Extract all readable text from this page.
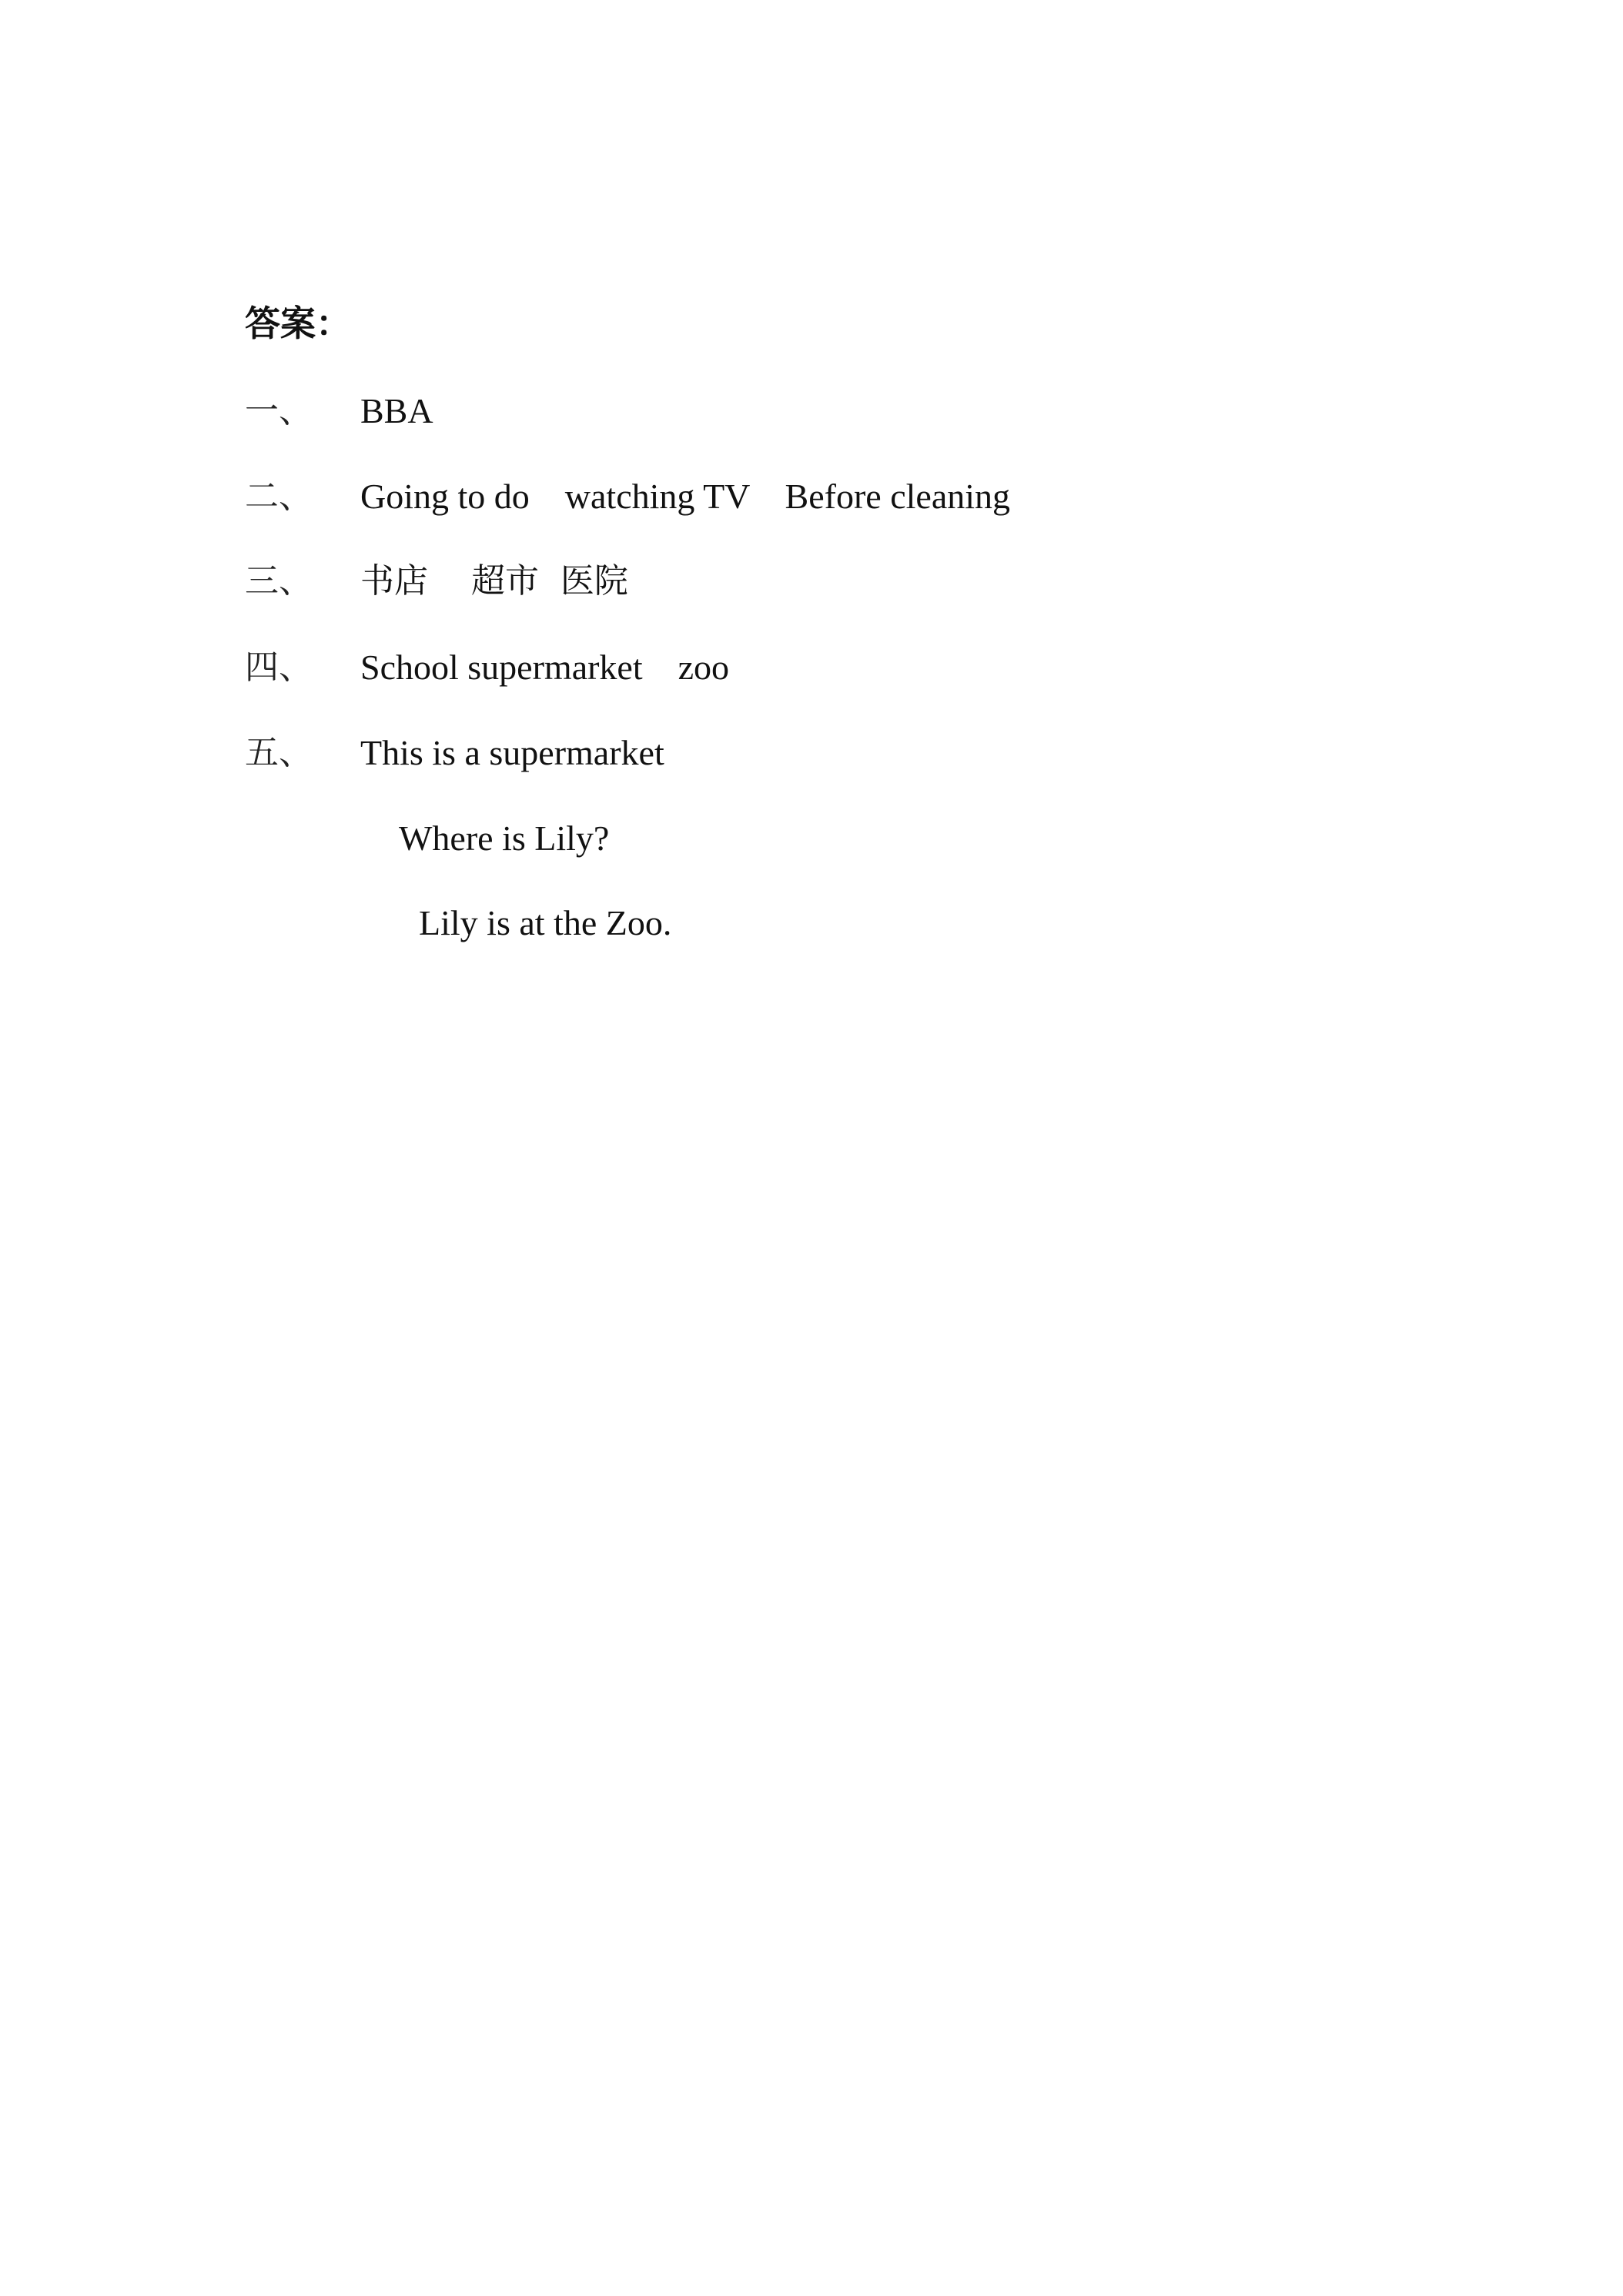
答案：

一、

BBA

二、

Going to do    watching TV    Before cleaning

三、

书店    超市  医院

四、

School supermarket    zoo

五、

This is a supermarket

Where is Lily?
Lily is at the Zoo.
